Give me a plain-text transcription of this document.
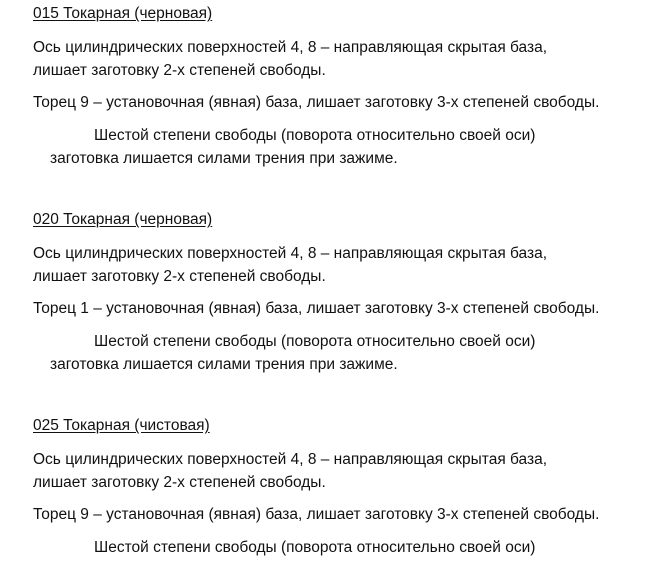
015 Токарная (черновая)

Ось цилиндрических поверхностей 4, 8 – направляющая скрытая база,
лишает заготовку 2-х степеней свободы.
Торец 9 – установочная (явная) база, лишает заготовку 3-х степеней свободы.
Шестой степени свободы (поворота относительно своей оси)
заготовка лишается силами трения при зажиме.

020 Токарная (черновая)

Ось цилиндрических поверхностей 4, 8 – направляющая скрытая база,
лишает заготовку 2-х степеней свободы.
Торец 1 – установочная (явная) база, лишает заготовку 3-х степеней свободы.
Шестой степени свободы (поворота относительно своей оси)
заготовка лишается силами трения при зажиме.

025 Токарная (чистовая)

Ось цилиндрических поверхностей 4, 8 – направляющая скрытая база,
лишает заготовку 2-х степеней свободы.
Торец 9 – установочная (явная) база, лишает заготовку 3-х степеней свободы.
Шестой степени свободы (поворота относительно своей оси)
